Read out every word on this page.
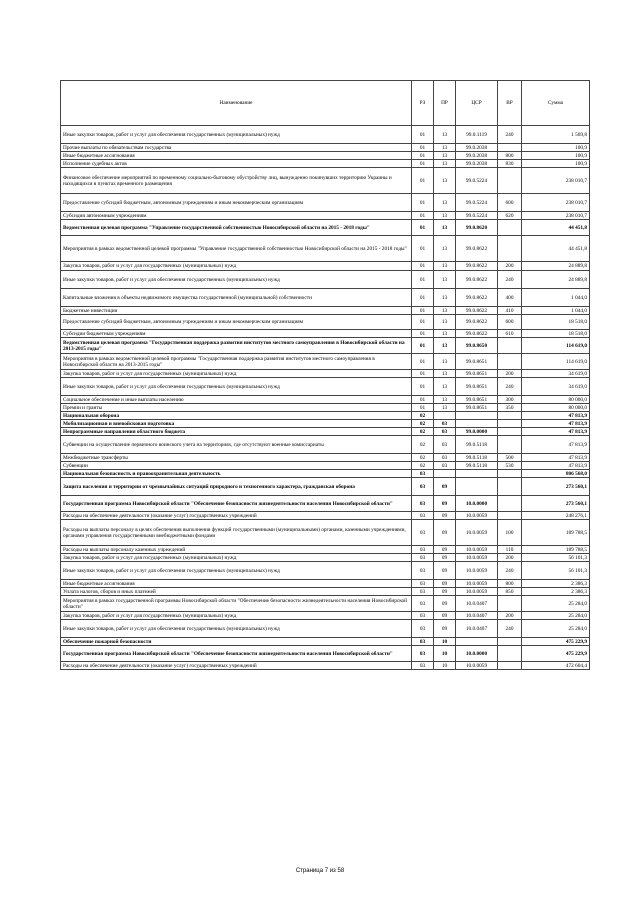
Наименование	РЗ	ПР	ЦСР	ВР	Сумма
Иные закупки товаров, работ и услуг для обеспечения государственных (муниципальных) нужд	01	13	99.0.1119	240	1 569,8
Прочие выплаты по обязательствам государства	01	13	99.0.2038		100,9
Иные бюджетные ассигнования	01	13	99.0.2038	800	100,9
Исполнение судебных актов	01	13	99.0.2038	830	100,9
Финансовое обеспечение мероприятий по временному социально-бытовому обустройству лиц, вынужденно покинувших территорию Украины и находящихся в пунктах временного размещения	01	13	99.0.5224		238 010,7
Предоставление субсидий бюджетным, автономным учреждениям и иным некоммерческим организациям	01	13	99.0.5224	600	238 010,7
Субсидии автономным учреждениям	01	13	99.0.5224	620	238 010,7
Ведомственная целевая программа "Управление государственной собственностью Новосибирской области на 2015 - 2018 годы"	01	13	99.0.8620		44 451,8
Мероприятия в рамках ведомственной целевой программы "Управление государственной собственностью Новосибирской области на 2015 - 2018 годы"	01	13	99.0.8622		44 451,8
Закупка товаров, работ и услуг для государственных (муниципальных) нужд	01	13	99.0.8622	200	24 889,8
Иные закупки товаров, работ и услуг для обеспечения государственных (муниципальных) нужд	01	13	99.0.8622	240	24 889,8
Капитальные вложения в объекты недвижимого имущества государственной (муниципальной) собственности	01	13	99.0.8622	400	1 044,0
Бюджетные инвестиции	01	13	99.0.8622	410	1 044,0
Предоставление субсидий бюджетным, автономным учреждениям и иным некоммерческим организациям	01	13	99.0.8622	600	18 518,0
Субсидии бюджетным учреждениям	01	13	99.0.8622	610	18 518,0
Ведомственная целевая программа "Государственная поддержка развития институтов местного самоуправления в Новосибирской области на 2013-2015 годы"	01	13	99.0.8650		114 619,0
Мероприятия в рамках ведомственной целевой программы "Государственная поддержка развития институтов местного самоуправления в Новосибирской области на 2013-2015 годы"	01	13	99.0.8651		114 619,0
Закупка товаров, работ и услуг для государственных (муниципальных) нужд	01	13	99.0.8651	200	34 619,0
Иные закупки товаров, работ и услуг для обеспечения государственных (муниципальных) нужд	01	13	99.0.8651	240	34 619,0
Социальное обеспечение и иные выплаты населению	01	13	99.0.8651	300	80 000,0
Премии и гранты	01	13	99.0.8651	350	80 000,0
Национальная оборона	02				47 813,9
Мобилизационная и вневойсковая подготовка	02	03			47 813,9
Непрограммные направления областного бюджета	02	03	99.0.0000		47 813,9
Субвенции на осуществление первичного воинского учета на территориях, где отсутствуют военные комиссариаты	02	03	99.0.5118		47 813,9
Межбюджетные трансферты	02	03	99.0.5118	500	47 813,9
Субвенции	02	03	99.0.5118	530	47 813,9
Национальная безопасность и правоохранительная деятельность	03				806 568,0
Защита населения и территории от чрезвычайных ситуаций природного и техногенного характера, гражданская оборона	03	09			273 560,1
Государственная программа Новосибирской области "Обеспечение безопасности жизнедеятельности населения Новосибирской области"	03	09	10.0.0000		273 560,1
Расходы на обеспечение деятельности (оказание услуг) государственных учреждений	03	09	10.0.0059		248 276,1
Расходы на выплаты персоналу в целях обеспечения выполнения функций государственными (муниципальными) органами, казенными учреждениями, органами управления государственными внебюджетными фондами	03	09	10.0.0059	100	189 788,5
Расходы на выплаты персоналу казенных учреждений	03	09	10.0.0059	110	189 788,5
Закупка товаров, работ и услуг для государственных (муниципальных) нужд	03	09	10.0.0059	200	56 101,3
Иные закупки товаров, работ и услуг для обеспечения государственных (муниципальных) нужд	03	09	10.0.0059	240	56 101,3
Иные бюджетные ассигнования	03	09	10.0.0059	800	2 386,3
Уплата налогов, сборов и иных платежей	03	09	10.0.0059	850	2 386,3
Мероприятия в рамках государственной программы Новосибирской области "Обеспечение безопасности жизнедеятельности населения Новосибирской области"	03	09	10.0.0407		25 284,0
Закупка товаров, работ и услуг для государственных (муниципальных) нужд	03	09	10.0.0407	200	25 284,0
Иные закупки товаров, работ и услуг для обеспечения государственных (муниципальных) нужд	03	09	10.0.0407	240	25 284,0
Обеспечение пожарной безопасности	03	10			475 229,9
Государственная программа Новосибирской области "Обеспечение безопасности жизнедеятельности населения Новосибирской области"	03	10	10.0.0000		475 229,9
Расходы на обеспечение деятельности (оказание услуг) государственных учреждений	03	10	10.0.0059		472 604,4
Страница 7 из 58
